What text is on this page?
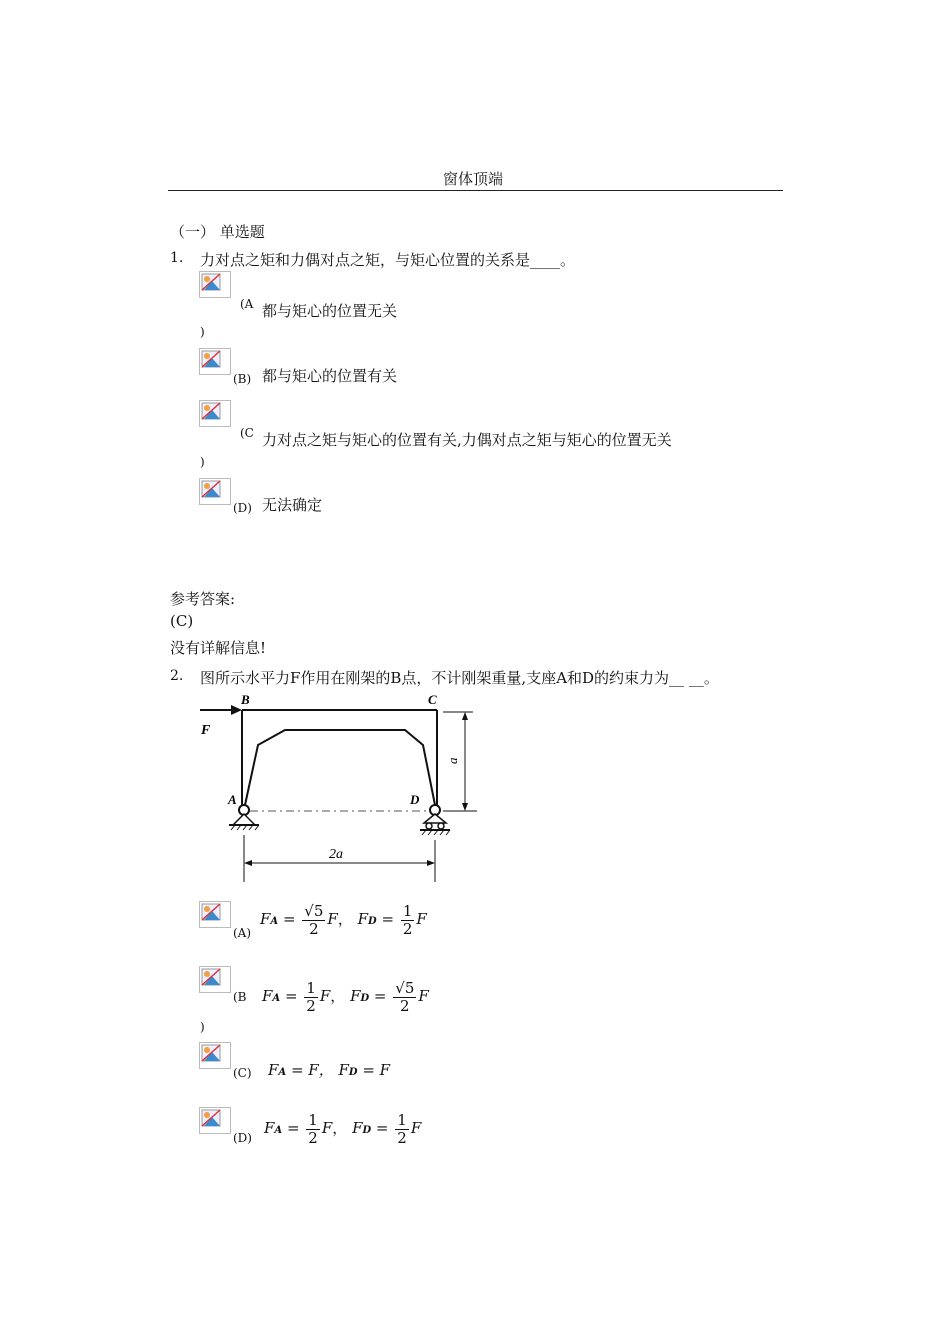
窗体顶端
（一） 单选题
1. 力对点之矩和力偶对点之矩，与矩心位置的关系是____。
(A 都与矩心的位置无关
)
(B) 都与矩心的位置有关
(C 力对点之矩与矩心的位置有关,力偶对点之矩与矩心的位置无关
)
(D) 无法确定
参考答案:
(C)
没有详解信息!
2. 图所示水平力F作用在刚架的B点，不计刚架重量,支座A和D的约束力为__ __。
B	C
F
A	D
a
2a
(A)
FA = $\frac{√5}{2}$ F， FD = $\frac{1}{2}$ F
(B
)
FA = $\frac{1}{2}$ F， FD = $\frac{√5}{2}$ F
(C) FA = F， FD = F
(D)
FA = $\frac{1}{2}$ F， FD = $\frac{1}{2}$ F
